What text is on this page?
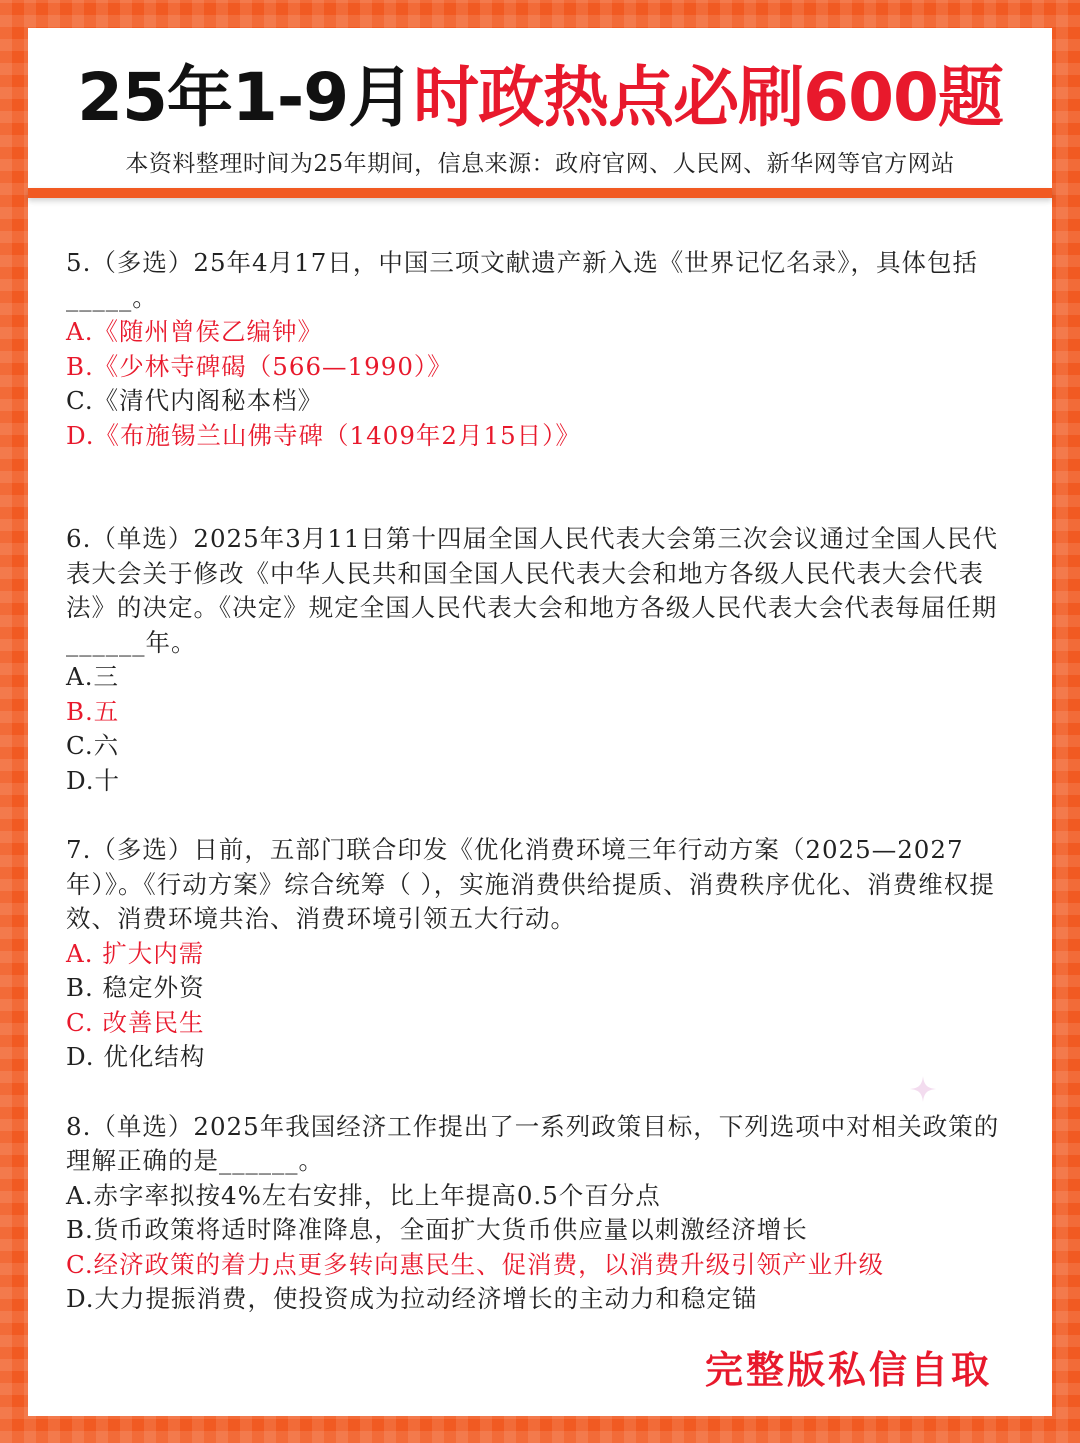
25年1-9月时政热点必刷600题
本资料整理时间为25年期间，信息来源：政府官网、人民网、新华网等官方网站

5.（多选）25年4月17日，中国三项文献遗产新入选《世界记忆名录》，具体包括_____。

A.《随州曾侯乙编钟》

B.《少林寺碑碣（566—1990）》

C.《清代内阁秘本档》

D.《布施锡兰山佛寺碑（1409年2月15日）》

6.（单选）2025年3月11日第十四届全国人民代表大会第三次会议通过全国人民代表大会关于修改《中华人民共和国全国人民代表大会和地方各级人民代表大会代表法》的决定。《决定》规定全国人民代表大会和地方各级人民代表大会代表每届任期______年。

A.三

B.五

C.六

D.十

7.（多选）日前，五部门联合印发《优化消费环境三年行动方案（2025—2027 年）》。《行动方案》综合统筹（ ），实施消费供给提质、消费秩序优化、消费维权提效、消费环境共治、消费环境引领五大行动。

A. 扩大内需

B. 稳定外资

C. 改善民生

D. 优化结构

8.（单选）2025年我国经济工作提出了一系列政策目标，下列选项中对相关政策的理解正确的是______。

A.赤字率拟按4%左右安排，比上年提高0.5个百分点

B.货币政策将适时降准降息，全面扩大货币供应量以刺激经济增长

C.经济政策的着力点更多转向惠民生、促消费，以消费升级引领产业升级

D.大力提振消费，使投资成为拉动经济增长的主动力和稳定锚

完整版私信自取
